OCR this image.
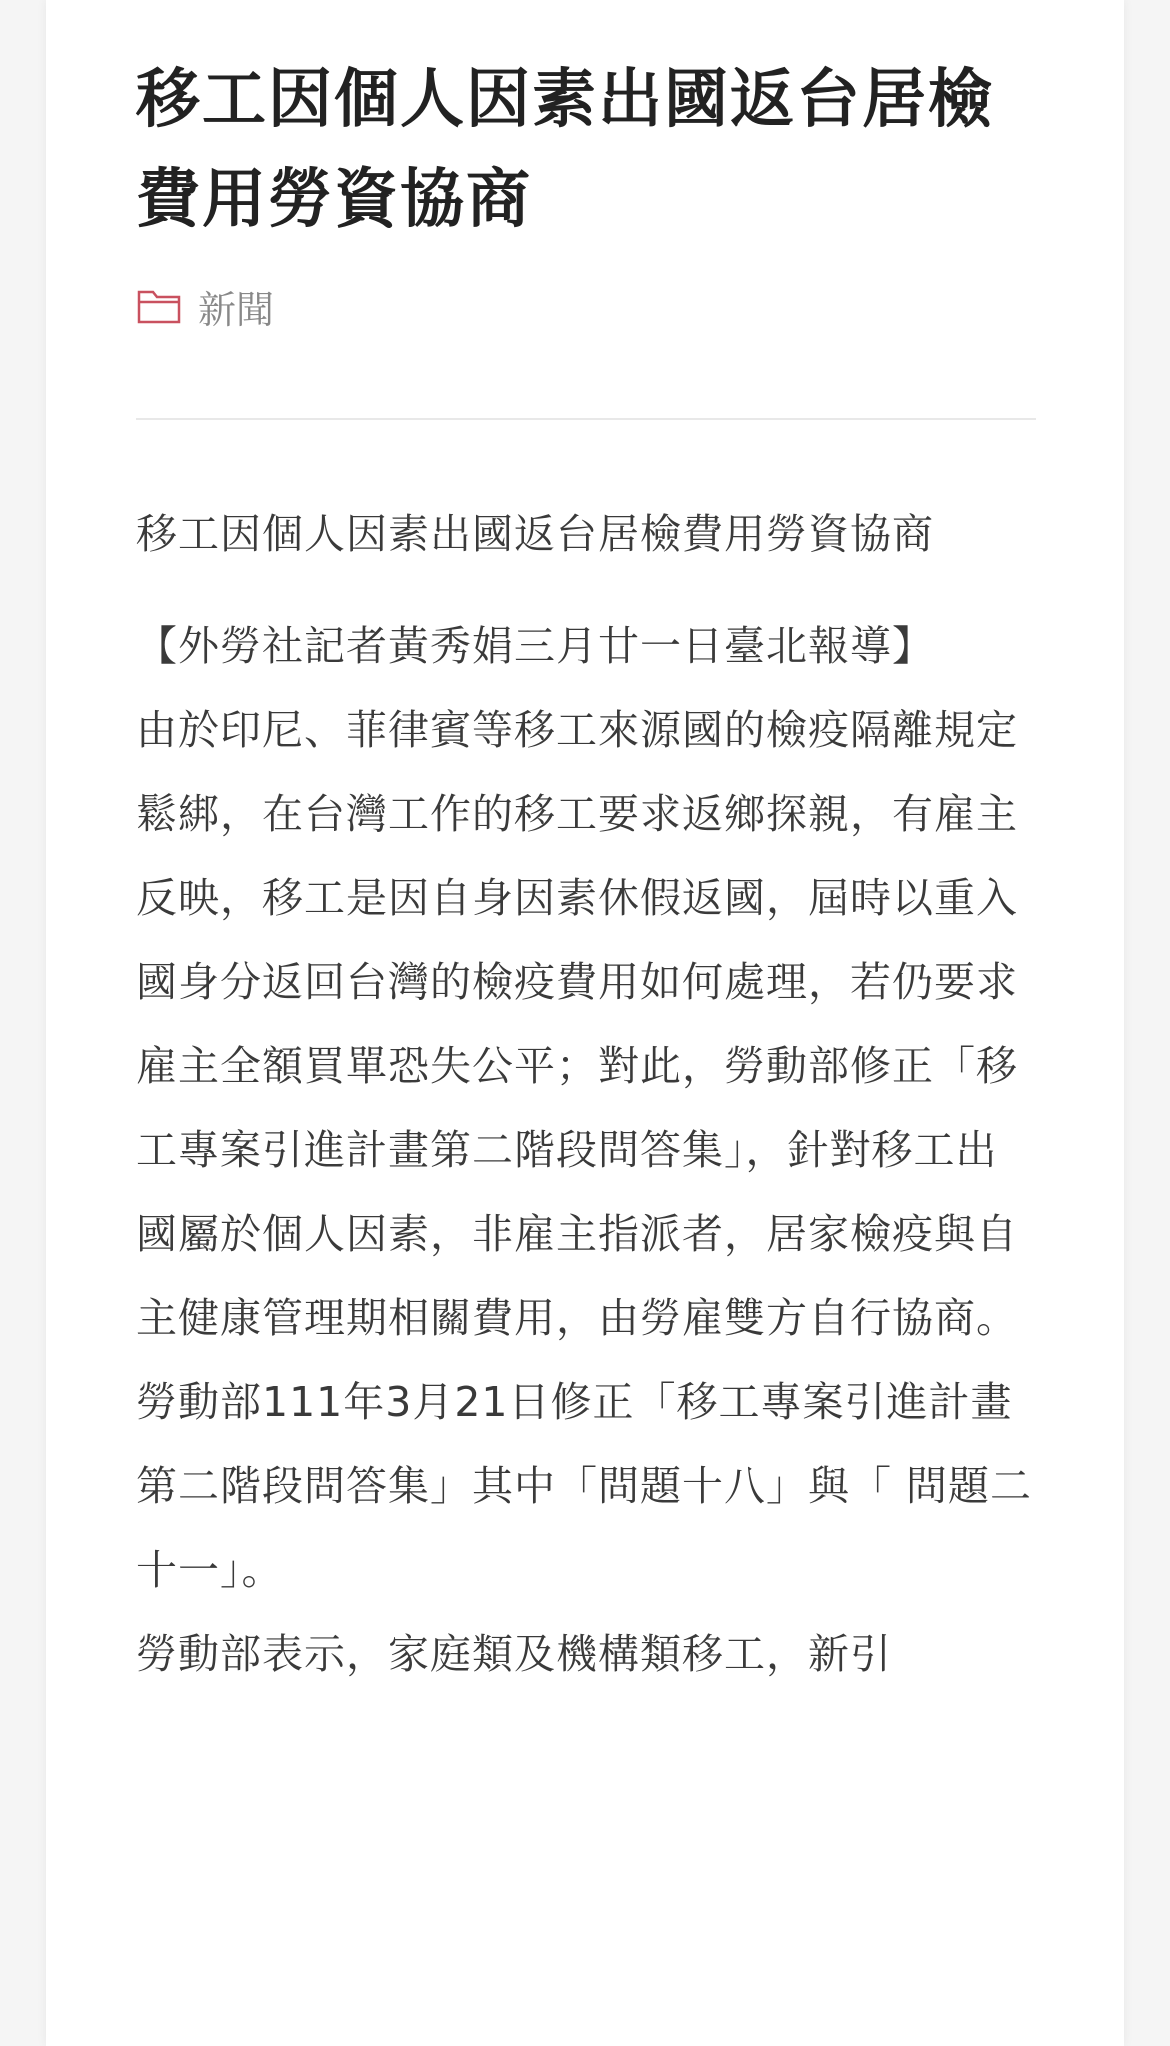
移工因個人因素出國返台居檢費用勞資協商
新聞

移工因個人因素出國返台居檢費用勞資協商

【外勞社記者黃秀娟三月廿一日臺北報導】

由於印尼、菲律賓等移工來源國的檢疫隔離規定鬆綁，在台灣工作的移工要求返鄉探親，有雇主反映，移工是因自身因素休假返國，屆時以重入國身分返回台灣的檢疫費用如何處理，若仍要求雇主全額買單恐失公平；對此，勞動部修正「移工專案引進計畫第二階段問答集」，針對移工出國屬於個人因素，非雇主指派者，居家檢疫與自主健康管理期相關費用，由勞雇雙方自行協商。

勞動部111年3月21日修正「移工專案引進計畫第二階段問答集」其中「問題十八」與「 問題二十一」。

勞動部表示，家庭類及機構類移工，新引
